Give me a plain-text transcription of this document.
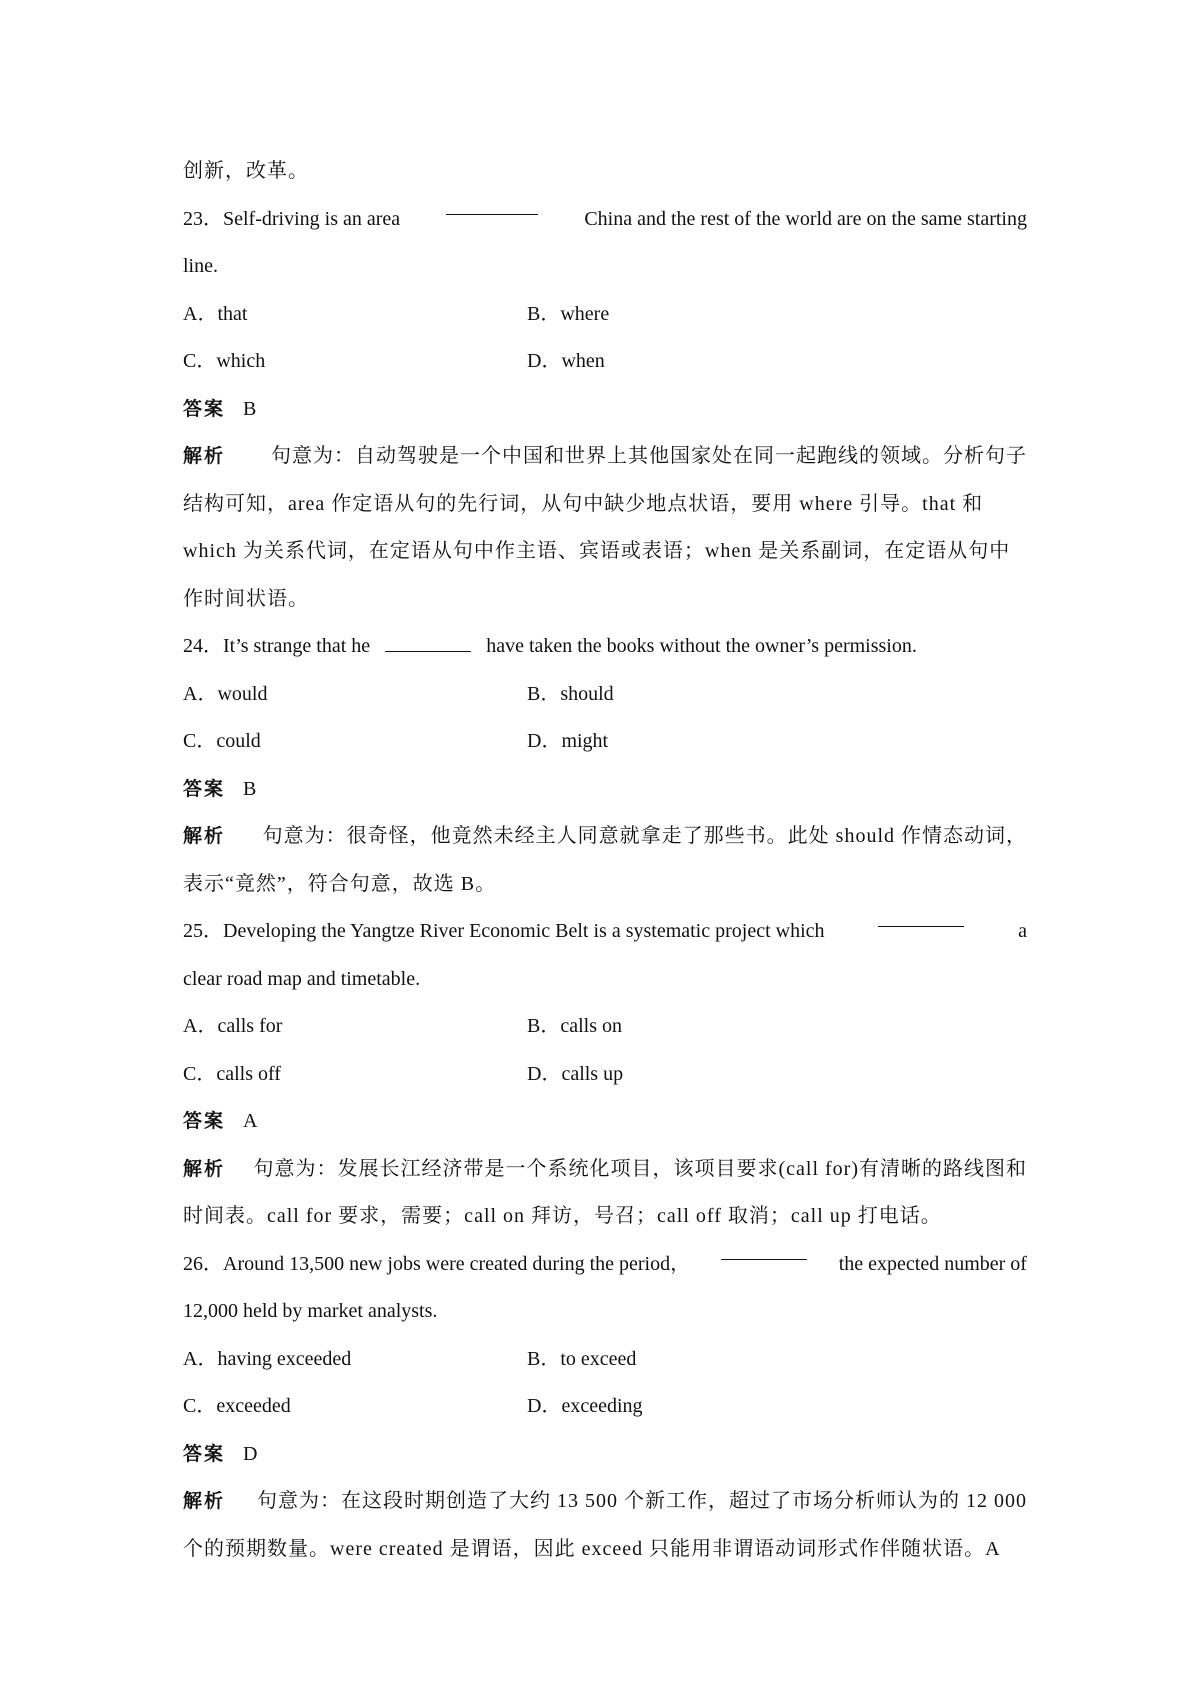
创新，改革。
23．Self-driving is an area	China and the rest of the world are on the same starting
line.
A．that	B．where
C．which	D．when
答案 B
解析 句意为：自动驾驶是一个中国和世界上其他国家处在同一起跑线的领域。分析句子
结构可知，area 作定语从句的先行词，从句中缺少地点状语，要用 where 引导。that 和
which 为关系代词，在定语从句中作主语、宾语或表语；when 是关系副词，在定语从句中
作时间状语。
24．It’s strange that he	have taken the books without the owner’s permission.
A．would	B．should
C．could	D．might
答案 B
解析 句意为：很奇怪，他竟然未经主人同意就拿走了那些书。此处 should 作情态动词，
表示“竟然”，符合句意，故选 B。
25．Developing the Yangtze River Economic Belt is a systematic project which	a
clear road map and timetable.
A．calls for	B．calls on
C．calls off	D．calls up
答案 A
解析 句意为：发展长江经济带是一个系统化项目，该项目要求(call for)有清晰的路线图和
时间表。call for 要求，需要；call on 拜访，号召；call off 取消；call up 打电话。
26．Around 13,500 new jobs were created during the period，	the expected number of
12,000 held by market analysts.
A．having exceeded	B．to exceed
C．exceeded	D．exceeding
答案 D
解析 句意为：在这段时期创造了大约 13 500 个新工作，超过了市场分析师认为的 12 000
个的预期数量。were created 是谓语，因此 exceed 只能用非谓语动词形式作伴随状语。A
